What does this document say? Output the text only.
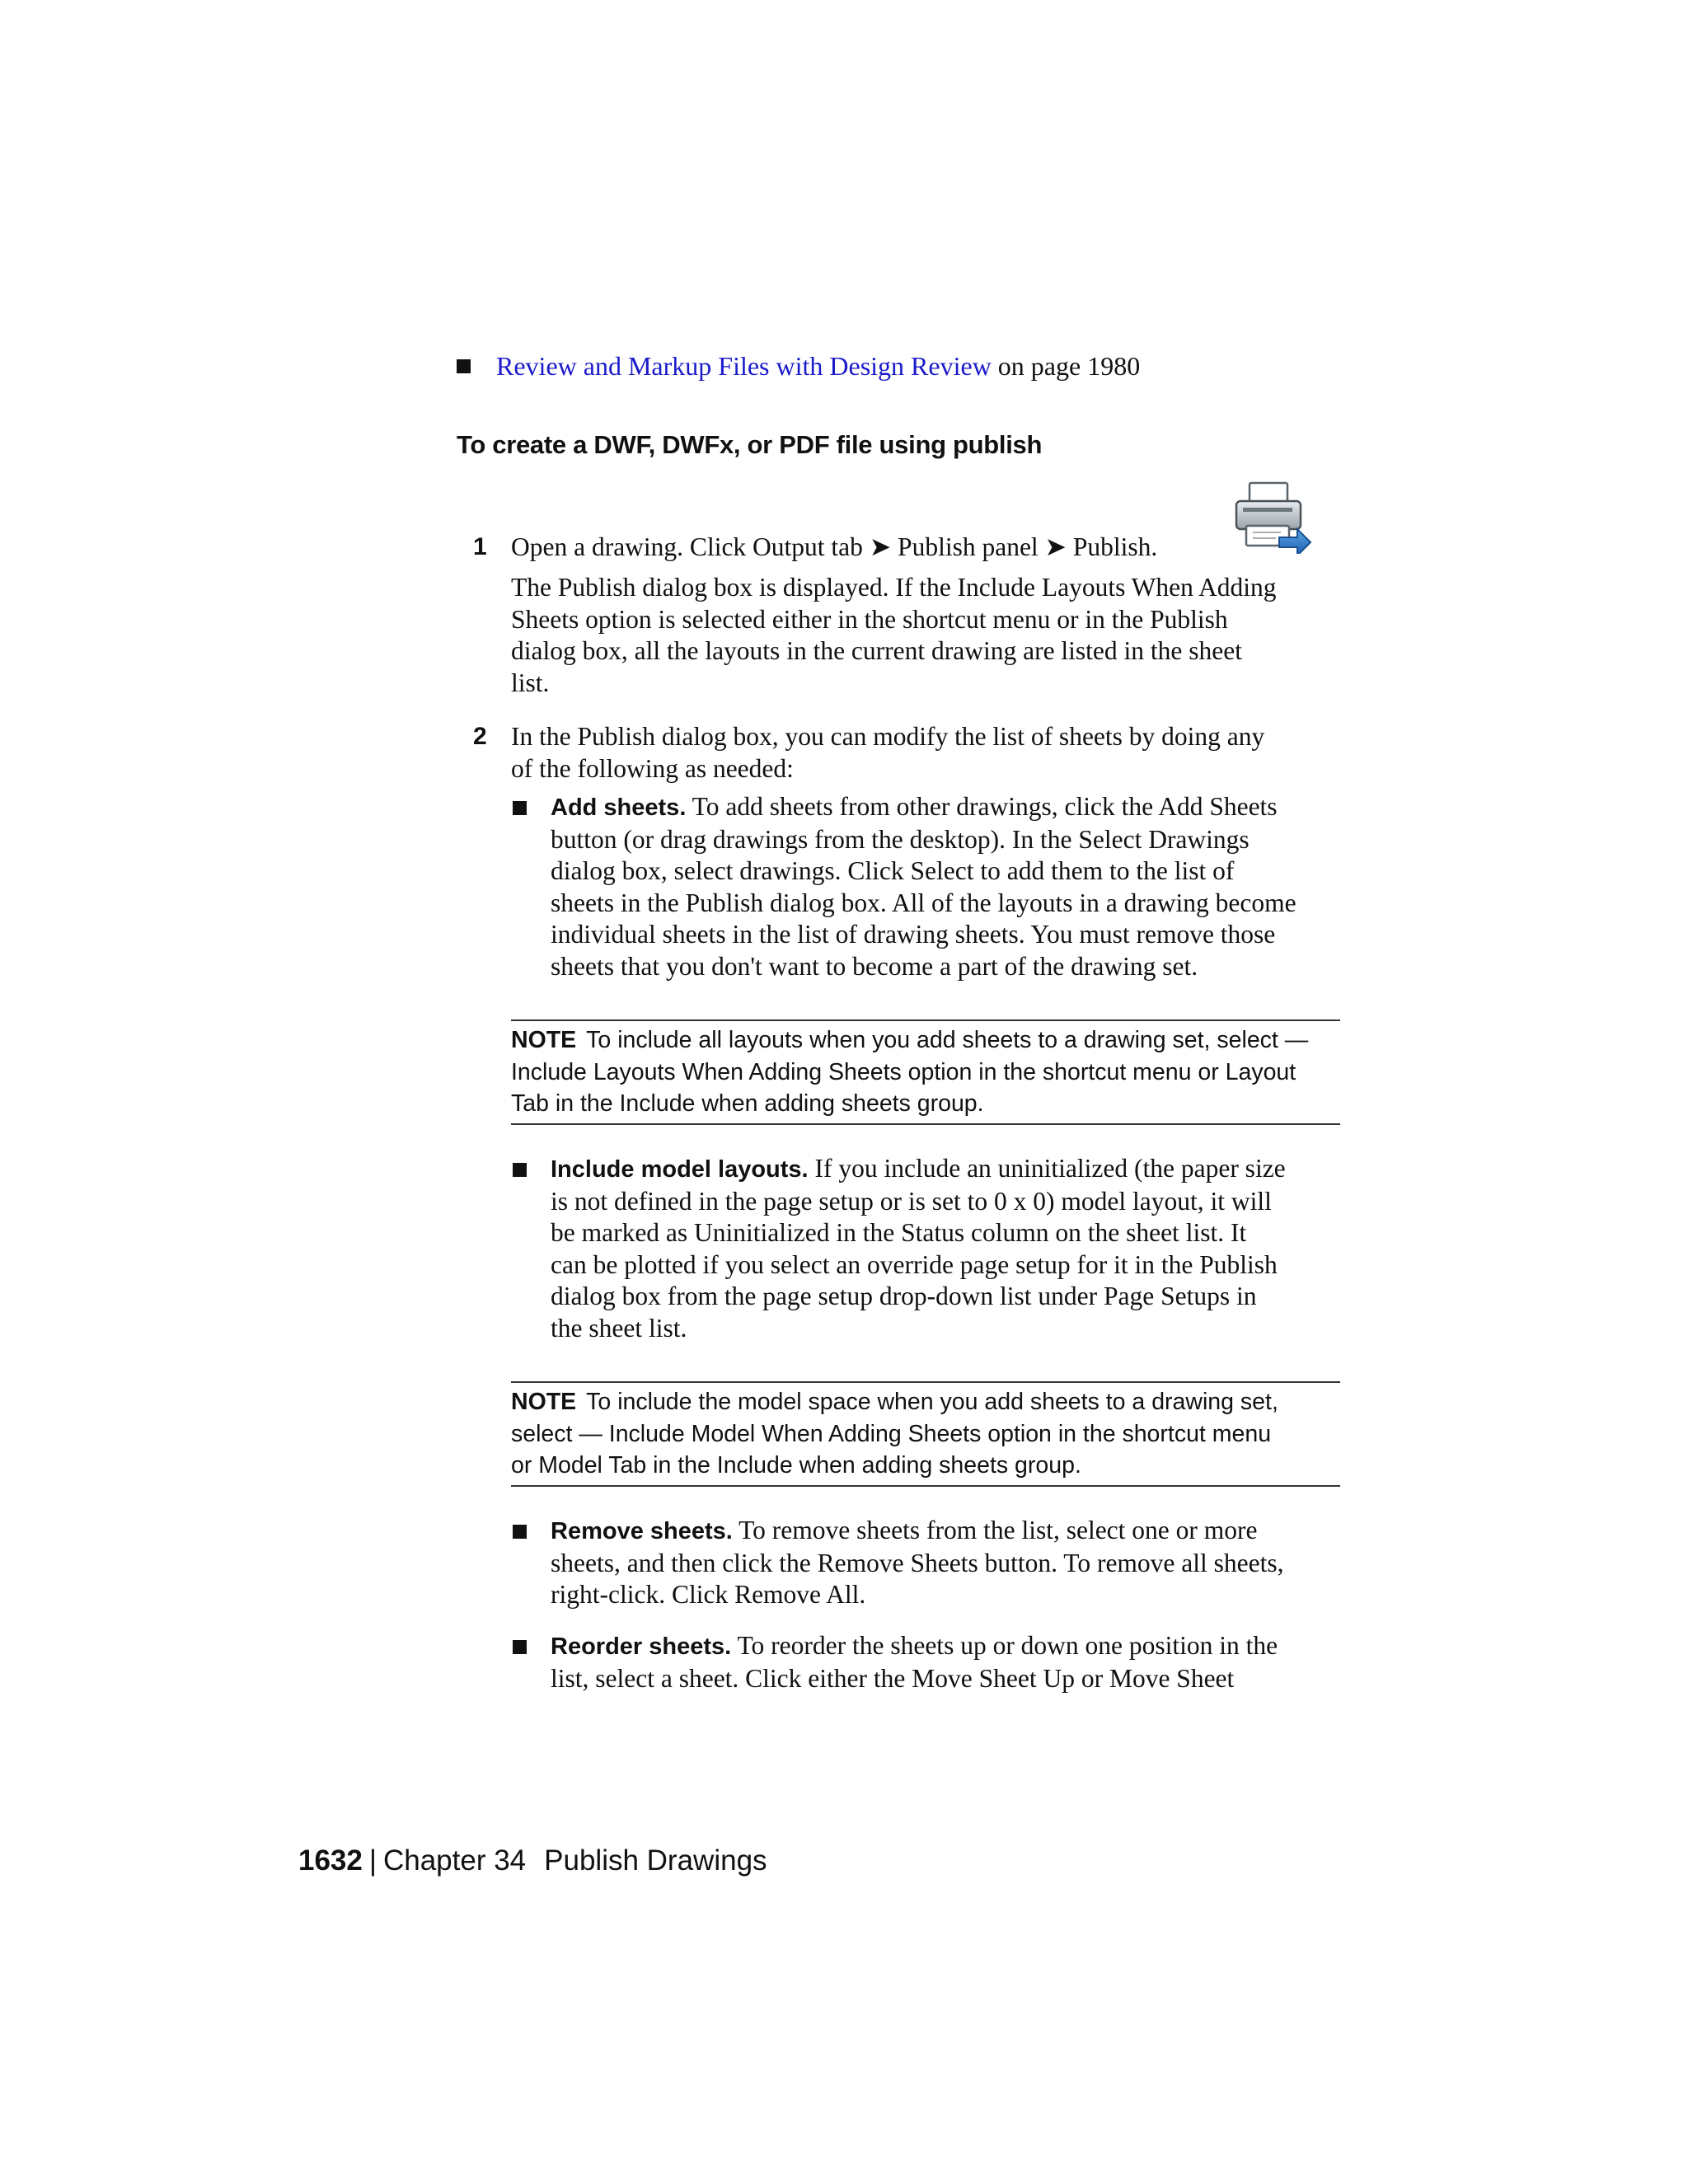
Review and Markup Files with Design Review on page 1980
To create a DWF, DWFx, or PDF file using publish
1 Open a drawing. Click Output tab ➤ Publish panel ➤ Publish.
The Publish dialog box is displayed. If the Include Layouts When Adding
Sheets option is selected either in the shortcut menu or in the Publish
dialog box, all the layouts in the current drawing are listed in the sheet
list.
2 In the Publish dialog box, you can modify the list of sheets by doing any
of the following as needed:
Add sheets. To add sheets from other drawings, click the Add Sheets
button (or drag drawings from the desktop). In the Select Drawings
dialog box, select drawings. Click Select to add them to the list of
sheets in the Publish dialog box. All of the layouts in a drawing become
individual sheets in the list of drawing sheets. You must remove those
sheets that you don't want to become a part of the drawing set.
NOTE To include all layouts when you add sheets to a drawing set, select —
Include Layouts When Adding Sheets option in the shortcut menu or Layout
Tab in the Include when adding sheets group.
Include model layouts. If you include an uninitialized (the paper size
is not defined in the page setup or is set to 0 x 0) model layout, it will
be marked as Uninitialized in the Status column on the sheet list. It
can be plotted if you select an override page setup for it in the Publish
dialog box from the page setup drop-down list under Page Setups in
the sheet list.
NOTE To include the model space when you add sheets to a drawing set,
select — Include Model When Adding Sheets option in the shortcut menu
or Model Tab in the Include when adding sheets group.
Remove sheets. To remove sheets from the list, select one or more
sheets, and then click the Remove Sheets button. To remove all sheets,
right-click. Click Remove All.
Reorder sheets. To reorder the sheets up or down one position in the
list, select a sheet. Click either the Move Sheet Up or Move Sheet
1632 | Chapter 34 Publish Drawings
